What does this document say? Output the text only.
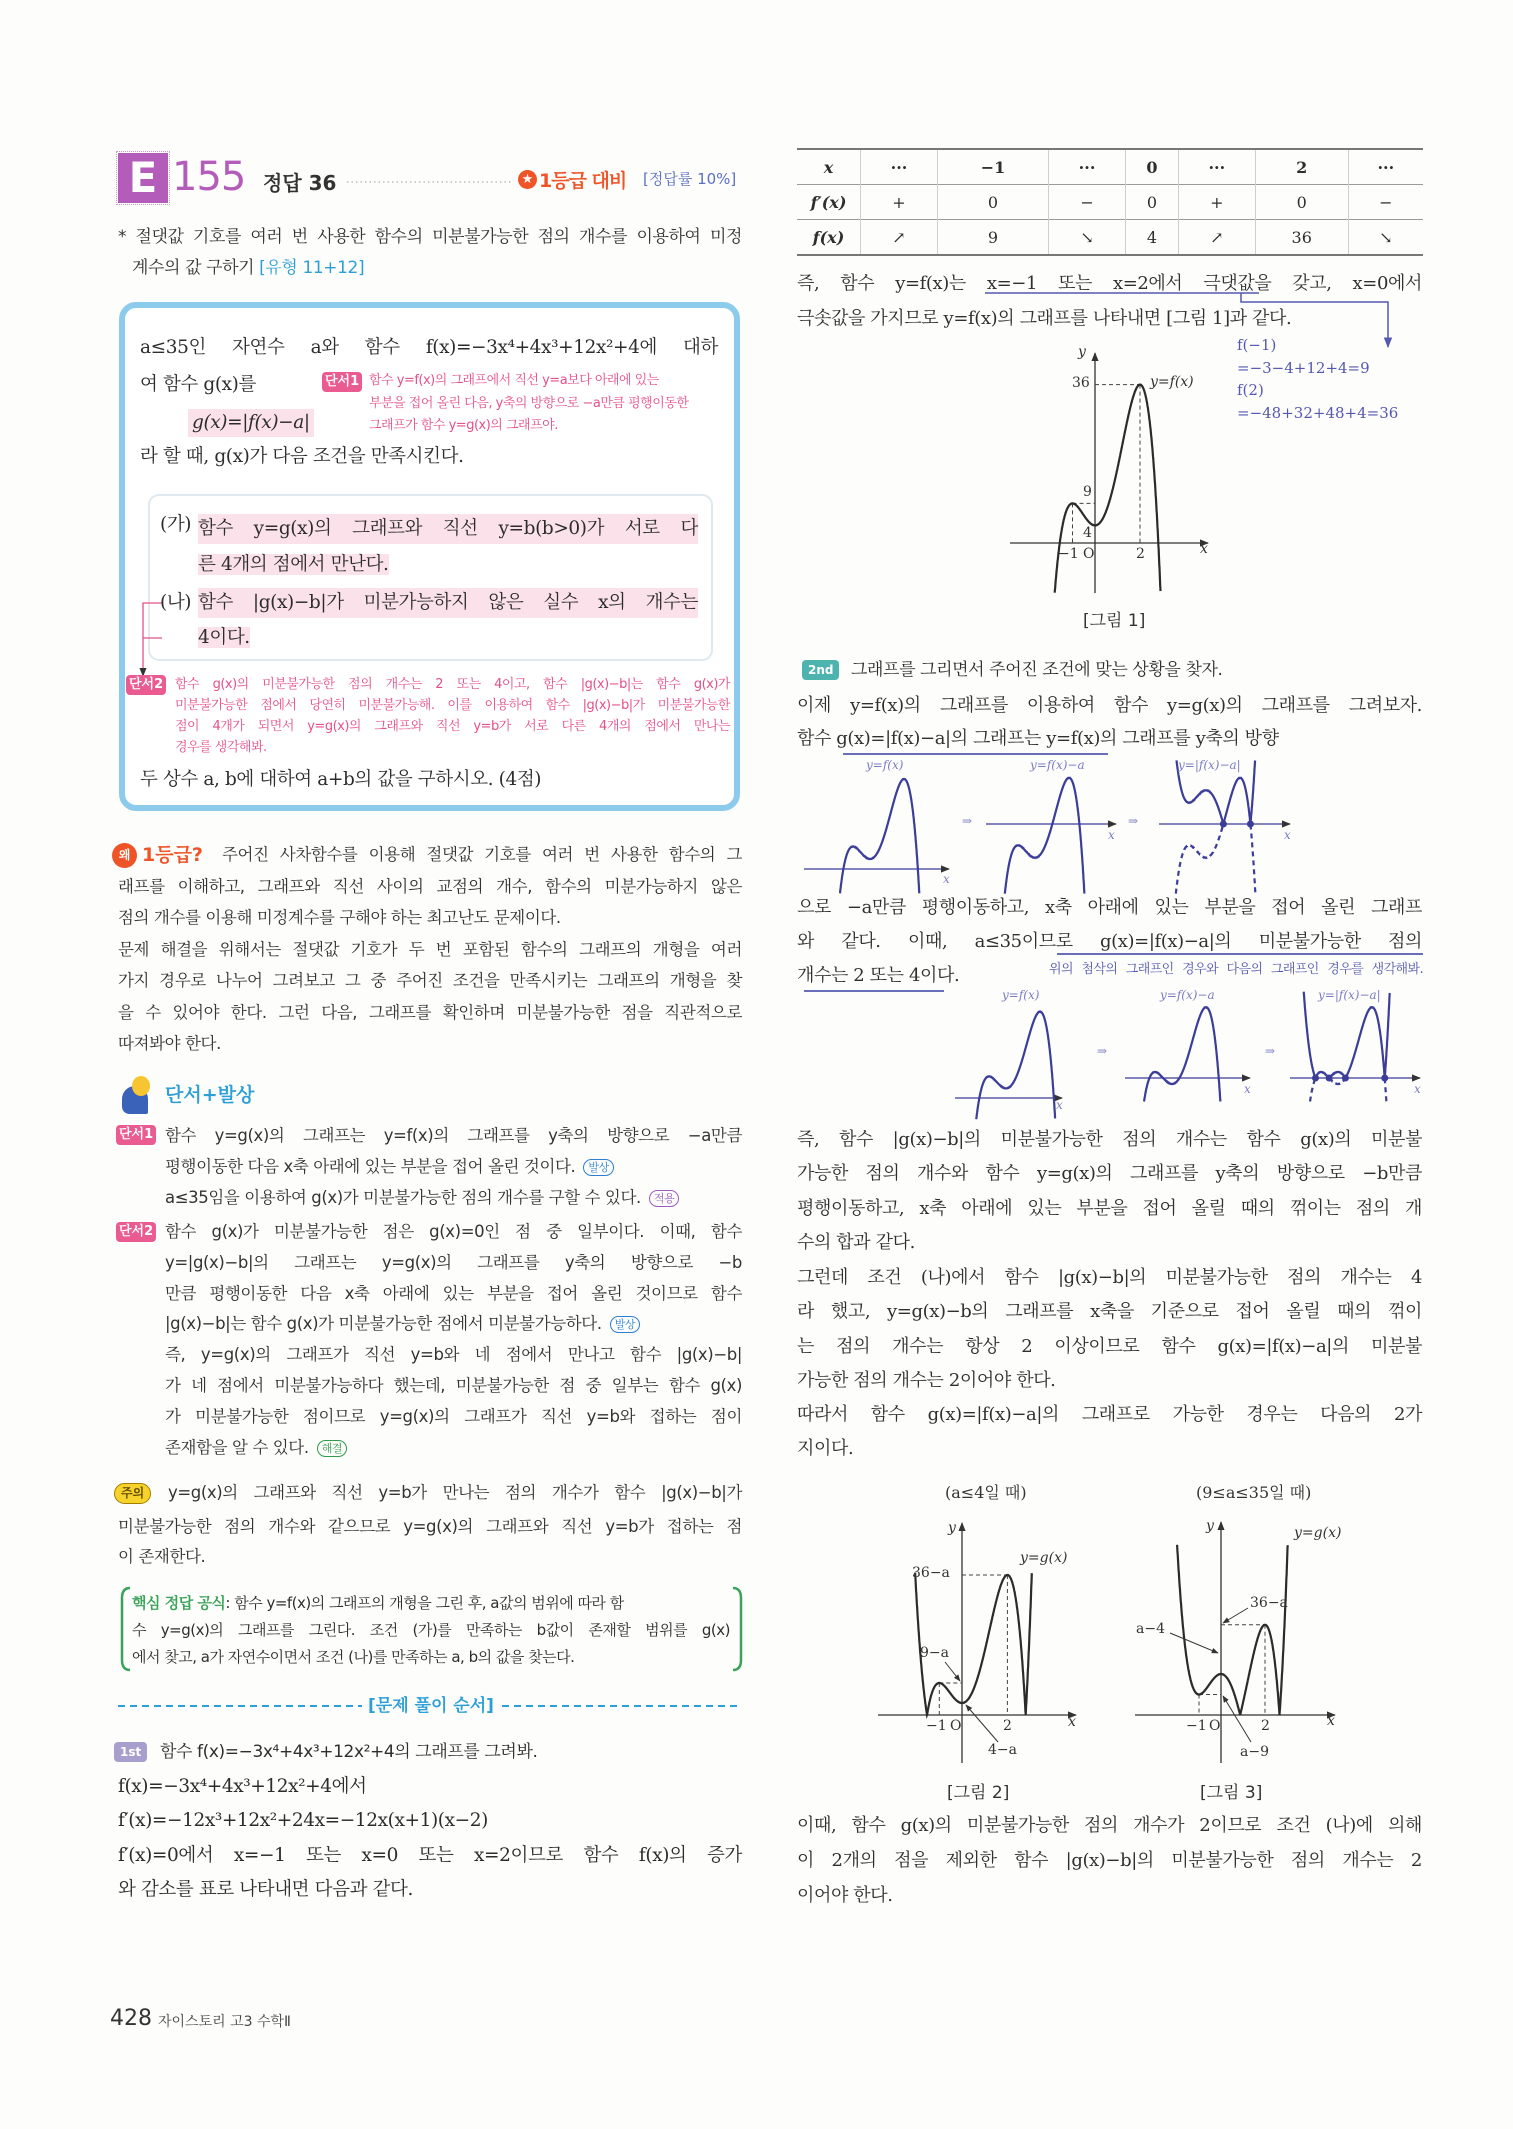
E 155 정답 36	★ 1등급 대비 [정답률 10%]
* 절댓값 기호를 여러 번 사용한 함수의 미분불가능한 점의 개수를 이용하여 미정
계수의 값 구하기 [유형 11+12]
a≤35인 자연수 a와 함수 f(x)=−3x⁴+4x³+12x²+4에 대하
여 함수 g(x)를
g(x)=|f(x)−a|
라 할 때, g(x)가 다음 조건을 만족시킨다.
단서1 함수 y=f(x)의 그래프에서 직선 y=a보다 아래에 있는
부분을 접어 올린 다음, y축의 방향으로 −a만큼 평행이동한
그래프가 함수 y=g(x)의 그래프야.
(가) 함수 y=g(x)의 그래프와 직선 y=b(b>0)가 서로 다
른 4개의 점에서 만난다.
(나) 함수 |g(x)−b|가 미분가능하지 않은 실수 x의 개수는
4이다.
단서2 함수 g(x)의 미분불가능한 점의 개수는 2 또는 4이고, 함수 |g(x)−b|는 함수 g(x)가
미분불가능한 점에서 당연히 미분불가능해. 이를 이용하여 함수 |g(x)−b|가 미분불가능한
점이 4개가 되면서 y=g(x)의 그래프와 직선 y=b가 서로 다른 4개의 점에서 만나는
경우를 생각해봐.
두 상수 a, b에 대하여 a+b의 값을 구하시오. (4점)
왜 1등급? 주어진 사차함수를 이용해 절댓값 기호를 여러 번 사용한 함수의 그
래프를 이해하고, 그래프와 직선 사이의 교점의 개수, 함수의 미분가능하지 않은
점의 개수를 이용해 미정계수를 구해야 하는 최고난도 문제이다.
문제 해결을 위해서는 절댓값 기호가 두 번 포함된 함수의 그래프의 개형을 여러
가지 경우로 나누어 그려보고 그 중 주어진 조건을 만족시키는 그래프의 개형을 찾
을 수 있어야 한다. 그런 다음, 그래프를 확인하며 미분불가능한 점을 직관적으로
따져봐야 한다.
단서+발상
단서1 함수 y=g(x)의 그래프는 y=f(x)의 그래프를 y축의 방향으로 −a만큼
평행이동한 다음 x축 아래에 있는 부분을 접어 올린 것이다. 발상
a≤35임을 이용하여 g(x)가 미분불가능한 점의 개수를 구할 수 있다. 적용
단서2 함수 g(x)가 미분불가능한 점은 g(x)=0인 점 중 일부이다. 이때, 함수
y=|g(x)−b|의 그래프는 y=g(x)의 그래프를 y축의 방향으로 −b
만큼 평행이동한 다음 x축 아래에 있는 부분을 접어 올린 것이므로 함수
|g(x)−b|는 함수 g(x)가 미분불가능한 점에서 미분불가능하다. 발상
즉, y=g(x)의 그래프가 직선 y=b와 네 점에서 만나고 함수 |g(x)−b|
가 네 점에서 미분불가능하다 했는데, 미분불가능한 점 중 일부는 함수 g(x)
가 미분불가능한 점이므로 y=g(x)의 그래프가 직선 y=b와 접하는 점이
존재함을 알 수 있다. 해결
주의	y=g(x)의 그래프와 직선 y=b가 만나는 점의 개수가 함수 |g(x)−b|가
미분불가능한 점의 개수와 같으므로 y=g(x)의 그래프와 직선 y=b가 접하는 점
이 존재한다.
핵심 정답 공식: 함수 y=f(x)의 그래프의 개형을 그린 후, a값의 범위에 따라 함
수 y=g(x)의 그래프를 그린다. 조건 (가)를 만족하는 b값이 존재할 범위를 g(x)
에서 찾고, a가 자연수이면서 조건 (나)를 만족하는 a, b의 값을 찾는다.
[문제 풀이 순서]
1st	함수 f(x)=−3x⁴+4x³+12x²+4의 그래프를 그려봐.
f(x)=−3x⁴+4x³+12x²+4에서
f′(x)=−12x³+12x²+24x=−12x(x+1)(x−2)
f′(x)=0에서 x=−1 또는 x=0 또는 x=2이므로 함수 f(x)의 증가
와 감소를 표로 나타내면 다음과 같다.
428 자이스토리 고3 수학Ⅱ
x	···	−1	···	0	···	2	···
f′(x)	+	0	−	0	+	0	−
f(x)	↗	9	↘	4	↗	36	↘
즉, 함수 y=f(x)는 x=−1 또는 x=2에서 극댓값을 갖고, x=0에서
극솟값을 가지므로 y=f(x)의 그래프를 나타내면 [그림 1]과 같다.
y
36	y=f(x)
9
4
−1 O	2	x
[그림 1]
f(−1)
=−3−4+12+4=9
f(2)
=−48+32+48+4=36
2nd	그래프를 그리면서 주어진 조건에 맞는 상황을 찾자.
이제 y=f(x)의 그래프를 이용하여 함수 y=g(x)의 그래프를 그려보자.
함수 g(x)=|f(x)−a|의 그래프는 y=f(x)의 그래프를 y축의 방향
y=f(x)	y=f(x)−a	y=|f(x)−a|
⇒	⇒
x
x	x
으로 −a만큼 평행이동하고, x축 아래에 있는 부분을 접어 올린 그래프
와 같다. 이때, a≤35이므로 g(x)=|f(x)−a|의 미분불가능한 점의
개수는 2 또는 4이다.	위의 첨삭의 그래프인 경우와 다음의 그래프인 경우를 생각해봐.
y=f(x)	y=f(x)−a	y=|f(x)−a|
⇒	⇒
x
x	x
즉, 함수 |g(x)−b|의 미분불가능한 점의 개수는 함수 g(x)의 미분불
가능한 점의 개수와 함수 y=g(x)의 그래프를 y축의 방향으로 −b만큼
평행이동하고, x축 아래에 있는 부분을 접어 올릴 때의 꺾이는 점의 개
수의 합과 같다.
그런데 조건 (나)에서 함수 |g(x)−b|의 미분불가능한 점의 개수는 4
라 했고, y=g(x)−b의 그래프를 x축을 기준으로 접어 올릴 때의 꺾이
는 점의 개수는 항상 2 이상이므로 함수 g(x)=|f(x)−a|의 미분불
가능한 점의 개수는 2이어야 한다.
따라서 함수 g(x)=|f(x)−a|의 그래프로 가능한 경우는 다음의 2가
지이다.
(a≤4일 때)
y
y=g(x)
36−a
9−a
4−a
−1 O	2	x
[그림 2]
(9≤a≤35일 때)
y	y=g(x)
36−a
a−4
a−9
−1 O	2	x
[그림 3]
이때, 함수 g(x)의 미분불가능한 점의 개수가 2이므로 조건 (나)에 의해
이 2개의 점을 제외한 함수 |g(x)−b|의 미분불가능한 점의 개수는 2
이어야 한다.
